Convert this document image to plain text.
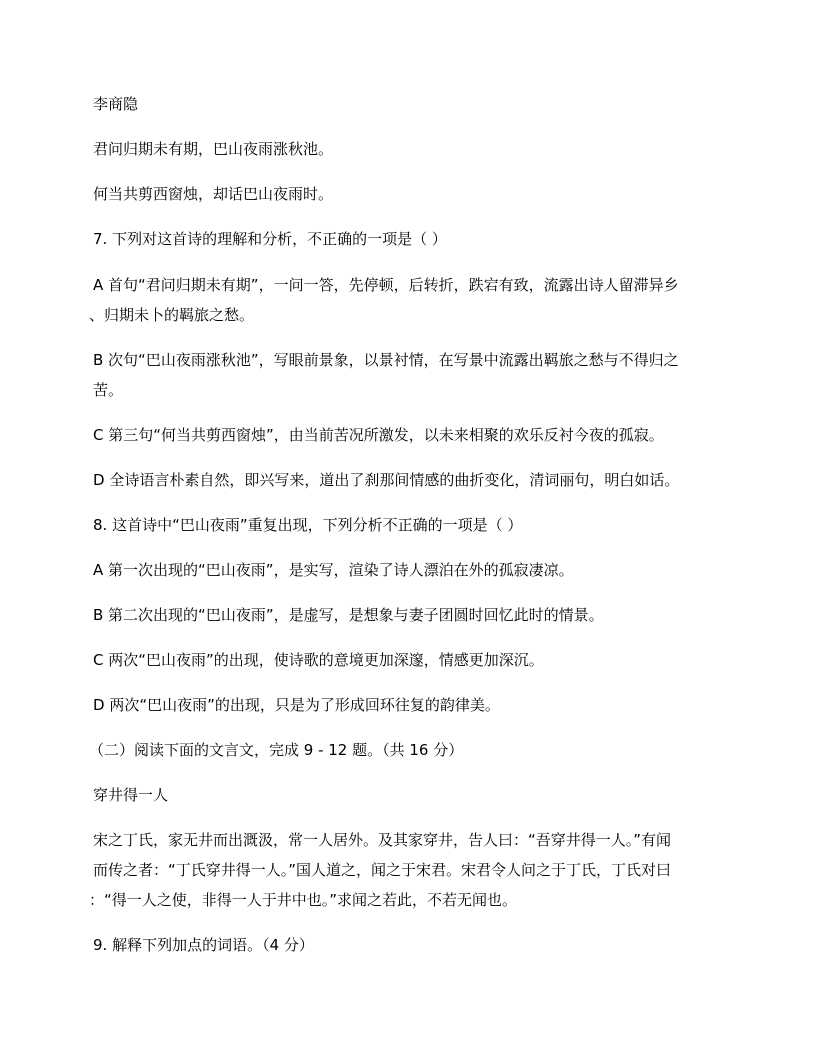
李商隐
君问归期未有期，巴山夜雨涨秋池。
何当共剪西窗烛，却话巴山夜雨时。
7. 下列对这首诗的理解和分析，不正确的一项是（ ）
A 首句“君问归期未有期”，一问一答，先停顿，后转折，跌宕有致，流露出诗人留滞异乡
、归期未卜的羁旅之愁。
B 次句“巴山夜雨涨秋池”，写眼前景象，以景衬情，在写景中流露出羁旅之愁与不得归之
苦。
C 第三句“何当共剪西窗烛”，由当前苦况所激发，以未来相聚的欢乐反衬今夜的孤寂。
D 全诗语言朴素自然，即兴写来，道出了刹那间情感的曲折变化，清词丽句，明白如话。
8. 这首诗中“巴山夜雨”重复出现，下列分析不正确的一项是（ ）
A 第一次出现的“巴山夜雨”，是实写，渲染了诗人漂泊在外的孤寂凄凉。
B 第二次出现的“巴山夜雨”，是虚写，是想象与妻子团圆时回忆此时的情景。
C 两次“巴山夜雨”的出现，使诗歌的意境更加深邃，情感更加深沉。
D 两次“巴山夜雨”的出现，只是为了形成回环往复的韵律美。
（二）阅读下面的文言文，完成 9 - 12 题。（共 16 分）
穿井得一人
宋之丁氏，家无井而出溉汲，常一人居外。及其家穿井，告人曰：“吾穿井得一人。”有闻
而传之者：“丁氏穿井得一人。”国人道之，闻之于宋君。宋君令人问之于丁氏，丁氏对曰
：“得一人之使，非得一人于井中也。”求闻之若此，不若无闻也。
9. 解释下列加点的词语。（4 分）
